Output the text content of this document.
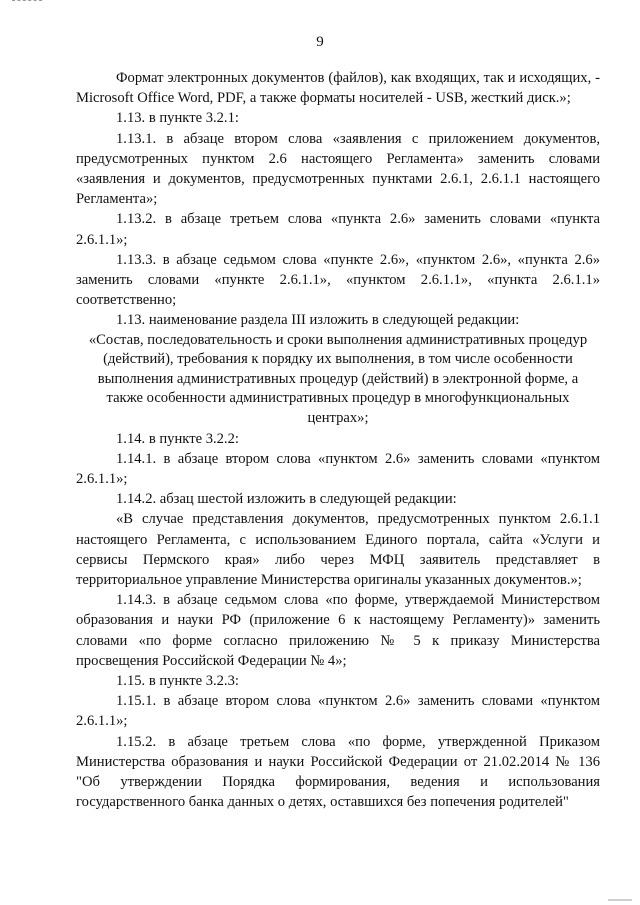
9

Формат электронных документов (файлов), как входящих, так и исходящих, - Microsoft Office Word, PDF, а также форматы носителей - USB, жесткий диск.»;

1.13. в пункте 3.2.1:

1.13.1. в абзаце втором слова «заявления с приложением документов, предусмотренных пунктом 2.6 настоящего Регламента» заменить словами «заявления и документов, предусмотренных пунктами 2.6.1, 2.6.1.1 настоящего Регламента»;

1.13.2. в абзаце третьем слова «пункта 2.6» заменить словами «пункта 2.6.1.1»;

1.13.3. в абзаце седьмом слова «пункте 2.6», «пунктом 2.6», «пункта 2.6» заменить словами «пункте 2.6.1.1», «пунктом 2.6.1.1», «пункта 2.6.1.1» соответственно;

1.13. наименование раздела III изложить в следующей редакции:

«Состав, последовательность и сроки выполнения административных процедур (действий), требования к порядку их выполнения, в том числе особенности выполнения административных процедур (действий) в электронной форме, а также особенности административных процедур в многофункциональных центрах»;

1.14. в пункте 3.2.2:

1.14.1. в абзаце втором слова «пунктом 2.6» заменить словами «пунктом 2.6.1.1»;

1.14.2. абзац шестой изложить в следующей редакции:

«В случае представления документов, предусмотренных пунктом 2.6.1.1 настоящего Регламента, с использованием Единого портала, сайта «Услуги и сервисы Пермского края» либо через МФЦ заявитель представляет в территориальное управление Министерства оригиналы указанных документов.»;

1.14.3. в абзаце седьмом слова «по форме, утверждаемой Министерством образования и науки РФ (приложение 6 к настоящему Регламенту)» заменить словами «по форме согласно приложению № 5 к приказу Министерства просвещения Российской Федерации № 4»;

1.15. в пункте 3.2.3:

1.15.1. в абзаце втором слова «пунктом 2.6» заменить словами «пунктом 2.6.1.1»;

1.15.2. в абзаце третьем слова «по форме, утвержденной Приказом Министерства образования и науки Российской Федерации от 21.02.2014 № 136 "Об утверждении Порядка формирования, ведения и использования государственного банка данных о детях, оставшихся без попечения родителей"
